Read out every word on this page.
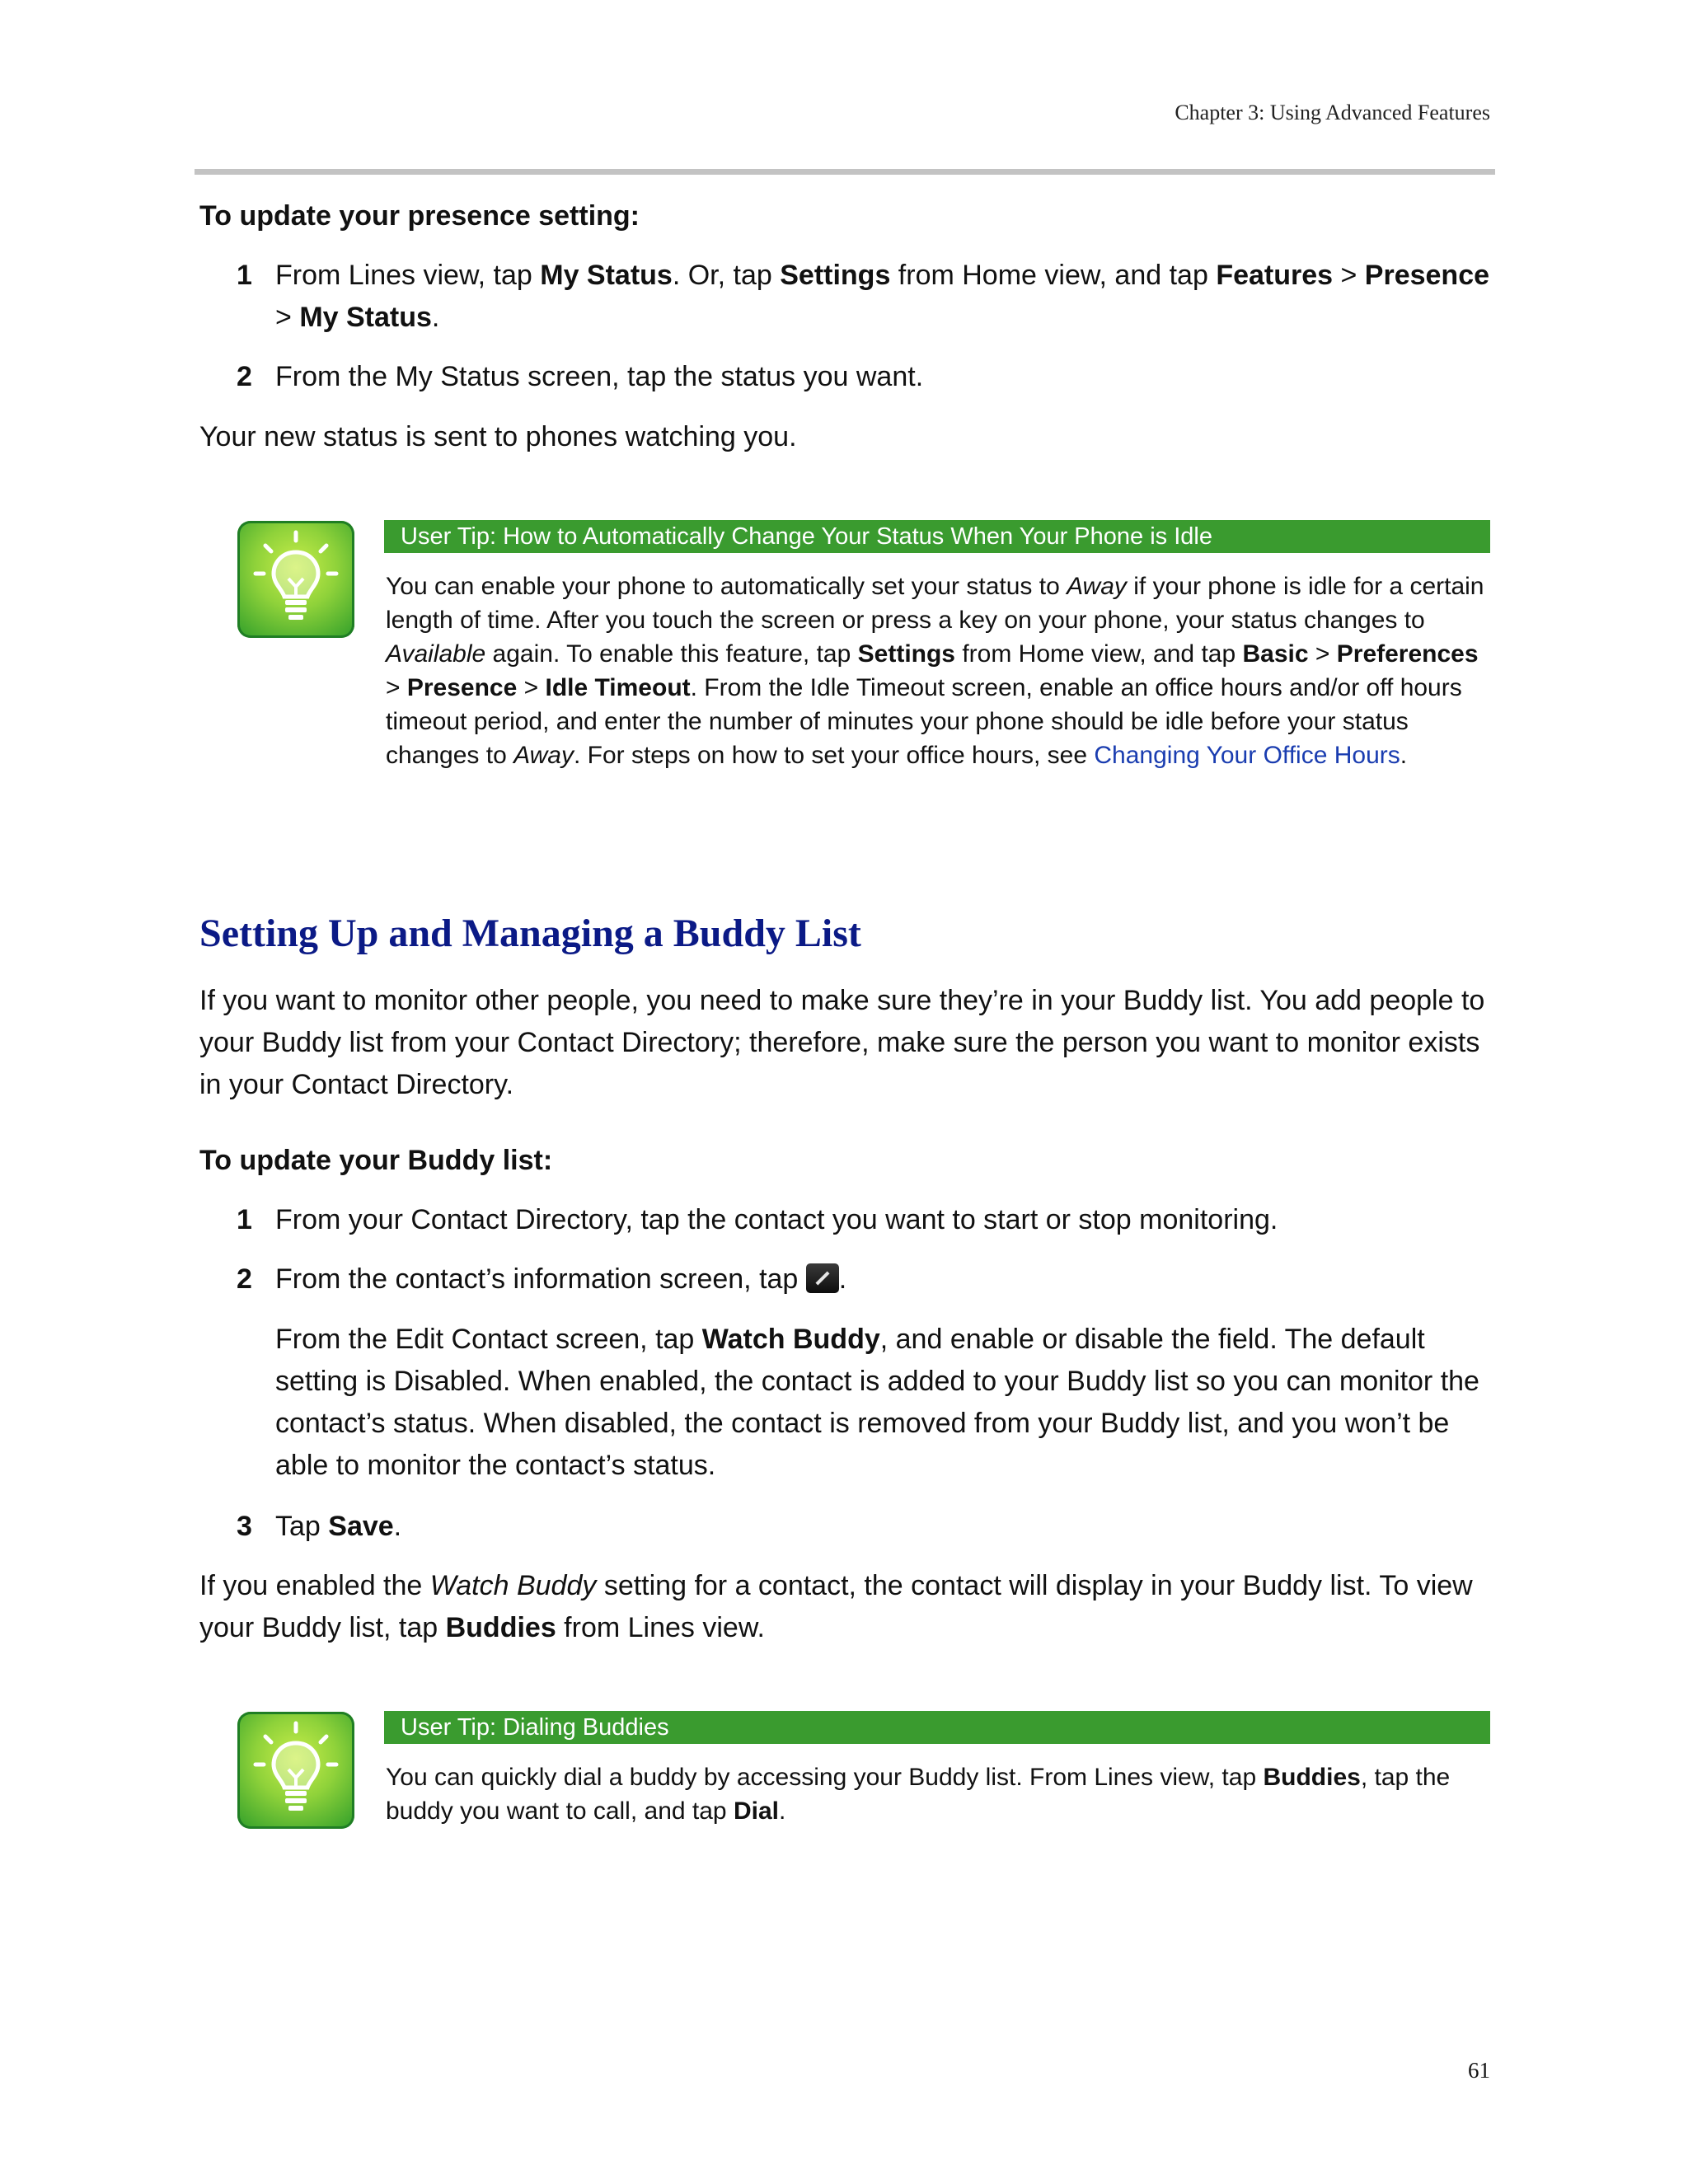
Chapter 3: Using Advanced Features
To update your presence setting:
1 From Lines view, tap My Status. Or, tap Settings from Home view, and tap Features > Presence > My Status.
2 From the My Status screen, tap the status you want.
Your new status is sent to phones watching you.
User Tip: How to Automatically Change Your Status When Your Phone is Idle
You can enable your phone to automatically set your status to Away if your phone is idle for a certain length of time. After you touch the screen or press a key on your phone, your status changes to Available again. To enable this feature, tap Settings from Home view, and tap Basic > Preferences > Presence > Idle Timeout. From the Idle Timeout screen, enable an office hours and/or off hours timeout period, and enter the number of minutes your phone should be idle before your status changes to Away. For steps on how to set your office hours, see Changing Your Office Hours.
Setting Up and Managing a Buddy List
If you want to monitor other people, you need to make sure they’re in your Buddy list. You add people to your Buddy list from your Contact Directory; therefore, make sure the person you want to monitor exists in your Contact Directory.
To update your Buddy list:
1 From your Contact Directory, tap the contact you want to start or stop monitoring.
2 From the contact’s information screen, tap .
From the Edit Contact screen, tap Watch Buddy, and enable or disable the field. The default setting is Disabled. When enabled, the contact is added to your Buddy list so you can monitor the contact’s status. When disabled, the contact is removed from your Buddy list, and you won’t be able to monitor the contact’s status.
3 Tap Save.
If you enabled the Watch Buddy setting for a contact, the contact will display in your Buddy list. To view your Buddy list, tap Buddies from Lines view.
User Tip: Dialing Buddies
You can quickly dial a buddy by accessing your Buddy list. From Lines view, tap Buddies, tap the buddy you want to call, and tap Dial.
61
